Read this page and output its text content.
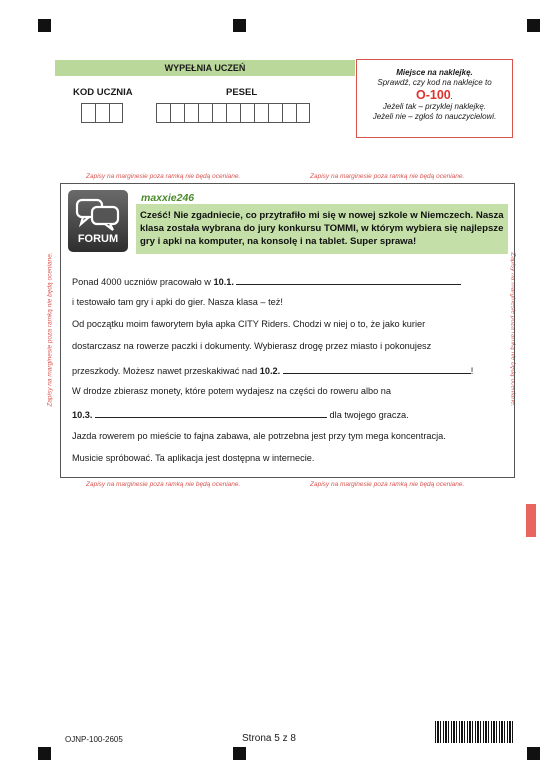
WYPEŁNIA UCZEŃ
KOD UCZNIA	PESEL
Miejsce na naklejkę.
Sprawdź, czy kod na naklejce to
O-100.
Jeżeli tak – przyklej naklejkę.
Jeżeli nie – zgłoś to nauczycielowi.
Zapisy na marginesie poza ramką nie będą oceniane.	Zapisy na marginesie poza ramką nie będą oceniane.
Zapisy na marginesie poza ramką nie będą oceniane.	Zapisy na marginesie poza ramką nie będą oceniane.
Zapisy na marginesie poza ramką nie będą oceniane.	Zapisy na marginesie poza ramką nie będą oceniane.
FORUM
maxxie246
Cześć! Nie zgadniecie, co przytrafiło mi się w nowej szkole w Niemczech. Nasza klasa została wybrana do jury konkursu TOMMI, w którym wybiera się najlepsze gry i apki na komputer, na konsolę i na tablet. Super sprawa!
Ponad 4000 uczniów pracowało w 10.1.
i testowało tam gry i apki do gier. Nasza klasa – też!
Od początku moim faworytem była apka CITY Riders. Chodzi w niej o to, że jako kurier
dostarczasz na rowerze paczki i dokumenty. Wybierasz drogę przez miasto i pokonujesz
przeszkody. Możesz nawet przeskakiwać nad 10.2.	!
W drodze zbierasz monety, które potem wydajesz na części do roweru albo na
10.3.	dla twojego gracza.
Jazda rowerem po mieście to fajna zabawa, ale potrzebna jest przy tym mega koncentracja.
Musicie spróbować. Ta aplikacja jest dostępna w internecie.
OJNP-100-2605	Strona 5 z 8
